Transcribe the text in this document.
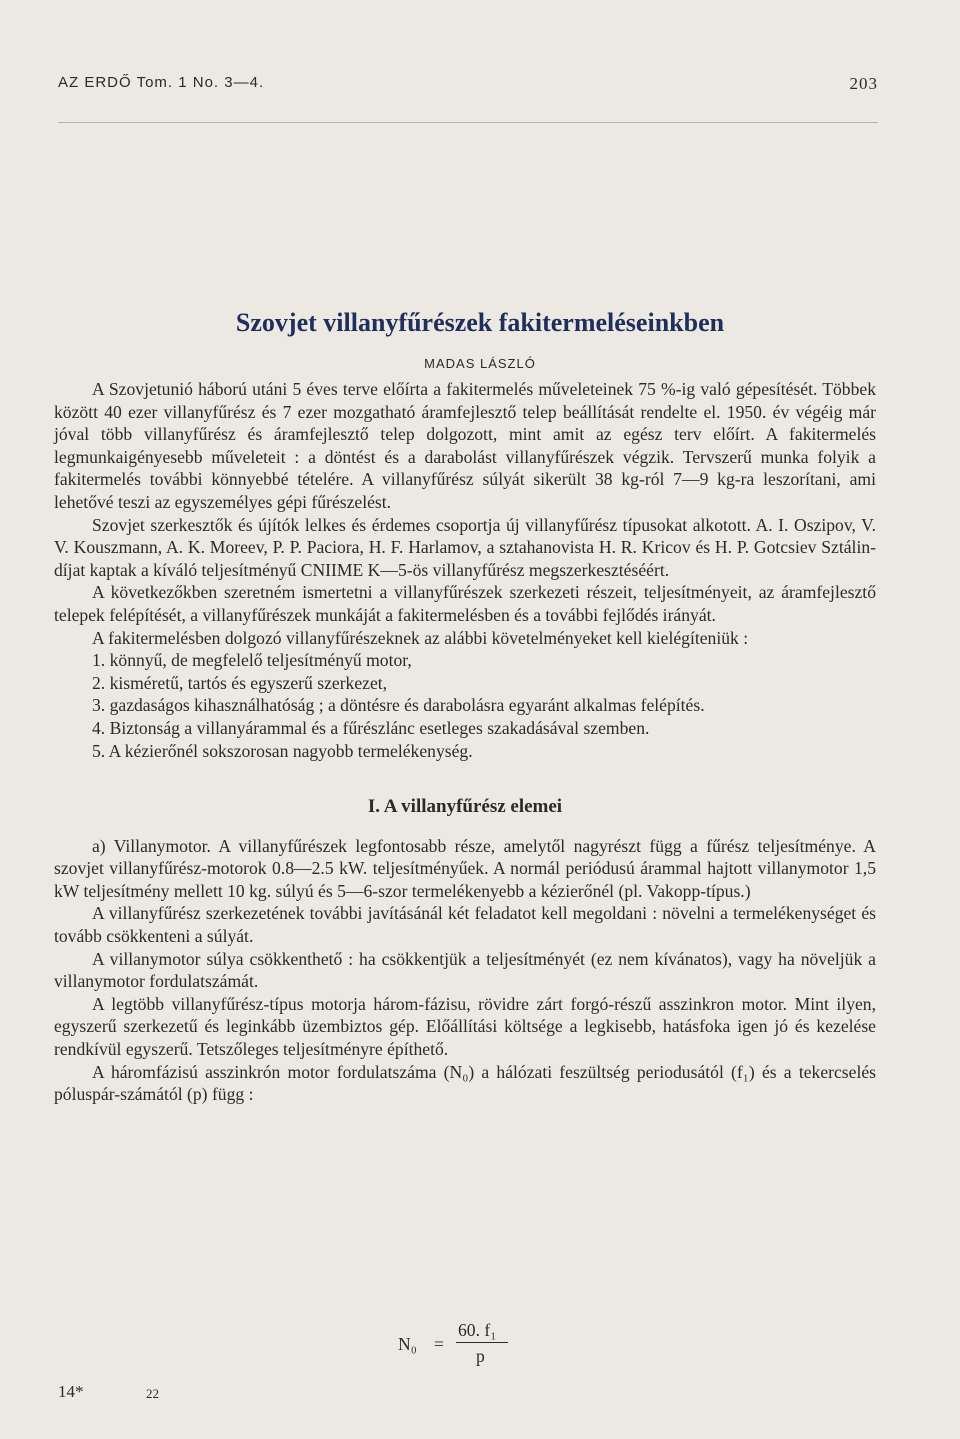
AZ ERDŐ Tom. 1 No. 3—4.	203
Szovjet villanyfűrészek fakitermeléseinkben
MADAS LÁSZLÓ

A Szovjetunió háború utáni 5 éves terve előírta a fakitermelés műveleteinek 75 %-ig való gépesítését. Többek között 40 ezer villanyfűrész és 7 ezer mozgatható áramfejlesztő telep beállítását rendelte el. 1950. év végéig már jóval több villanyfűrész és áramfejlesztő telep dolgozott, mint amit az egész terv előírt. A fakitermelés legmunkaigényesebb műveleteit : a döntést és a darabolást villanyfűrészek végzik. Tervszerű munka folyik a fakitermelés további könnyebbé tételére. A villanyfűrész súlyát sikerült 38 kg-ról 7—9 kg-ra leszorítani, ami lehetővé teszi az egyszemélyes gépi fűrészelést.

Szovjet szerkesztők és újítók lelkes és érdemes csoportja új villanyfűrész típusokat alkotott. A. I. Oszipov, V. V. Kouszmann, A. K. Moreev, P. P. Paciora, H. F. Harlamov, a sztahanovista H. R. Kricov és H. P. Gotcsiev Sztálin-díjat kaptak a kíváló teljesítményű CNIIME K—5-ös villanyfűrész megszerkesztéséért.

A következőkben szeretném ismertetni a villanyfűrészek szerkezeti részeit, teljesítményeit, az áramfejlesztő telepek felépítését, a villanyfűrészek munkáját a fakitermelésben és a további fejlődés irányát.

A fakitermelésben dolgozó villanyfűrészeknek az alábbi követelményeket kell kielégíteniük :

1. könnyű, de megfelelő teljesítményű motor,

2. kisméretű, tartós és egyszerű szerkezet,

3. gazdaságos kihasználhatóság ; a döntésre és darabolásra egyaránt alkalmas felépítés.

4. Biztonság a villanyárammal és a fűrészlánc esetleges szakadásával szemben.

5. A kézierőnél sokszorosan nagyobb termelékenység.

I. A villanyfűrész elemei

a) Villanymotor. A villanyfűrészek legfontosabb része, amelytől nagyrészt függ a fűrész teljesítménye. A szovjet villanyfűrész-motorok 0.8—2.5 kW. teljesítményűek. A normál periódusú árammal hajtott villanymotor 1,5 kW teljesítmény mellett 10 kg. súlyú és 5—6-szor termelékenyebb a kézierőnél (pl. Vakopp-típus.)

A villanyfűrész szerkezetének további javításánál két feladatot kell megoldani : növelni a termelékenységet és tovább csökkenteni a súlyát.

A villanymotor súlya csökkenthető : ha csökkentjük a teljesítményét (ez nem kívánatos), vagy ha növeljük a villanymotor fordulatszámát.

A legtöbb villanyfűrész-típus motorja három-fázisu, rövidre zárt forgó-részű asszinkron motor. Mint ilyen, egyszerű szerkezetű és leginkább üzembiztos gép. Előállítási költsége a legkisebb, hatásfoka igen jó és kezelése rendkívül egyszerű. Tetszőleges teljesítményre építhető.

A háromfázisú asszinkrón motor fordulatszáma (N₀) a hálózati feszültség periodusától (f₁) és a tekercselés póluspár-számától (p) függ :

N₀ =
60. f₁
p
14*	22
